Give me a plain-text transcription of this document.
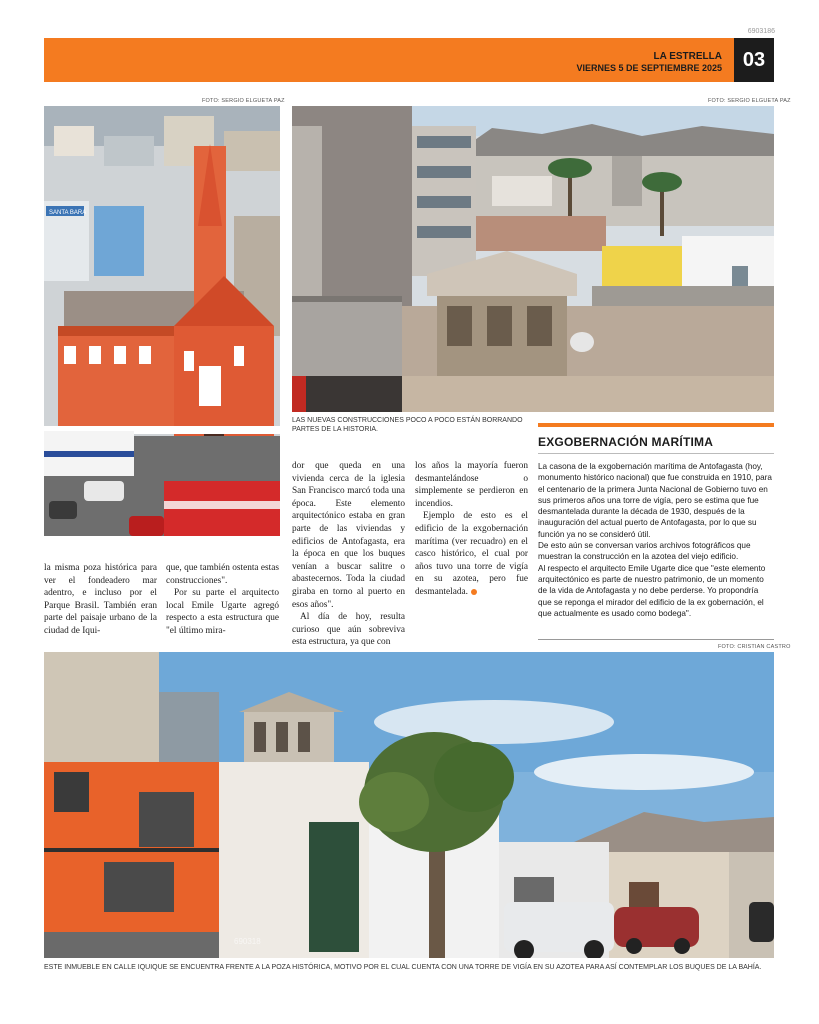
6903186
LA ESTRELLA
VIERNES 5 DE SEPTIEMBRE 2025	03
FOTO: SERGIO ELGUETA PAZ	FOTO: SERGIO ELGUETA PAZ
FOTO: CRISTIAN CASTRO
SANTA BARA
LAS NUEVAS CONSTRUCCIONES POCO A POCO ESTÁN BORRANDO PARTES DE LA HISTORIA.

la misma poza histórica para ver el fondeadero mar adentro, e incluso por el Parque Brasil. También eran parte del paisaje urbano de la ciudad de Iqui-

que, que también ostenta estas construcciones".

Por su parte el arquitecto local Emile Ugarte agregó respecto a esta estructura que "el último mira-

dor que queda en una vivienda cerca de la iglesia San Francisco marcó toda una época. Este elemento arquitectónico estaba en gran parte de las viviendas y edificios de Antofagasta, era la época en que los buques venían a buscar salitre o abastecernos. Toda la ciudad giraba en torno al puerto en esos años".

Al día de hoy, resulta curioso que aún sobreviva esta estructura, ya que con

los años la mayoría fueron desmantelándose o simplemente se perdieron en incendios.

Ejemplo de esto es el edificio de la exgobernación marítima (ver recuadro) en el casco histórico, el cual por años tuvo una torre de vigía en su azotea, pero fue desmantelada.

EXGOBERNACIÓN MARÍTIMA

La casona de la exgobernación marítima de Antofagasta (hoy, monumento histórico nacional) que fue construida en 1910, para el centenario de la primera Junta Nacional de Gobierno tuvo en sus primeros años una torre de vigía, pero se estima que fue desmantelada durante la década de 1930, después de la inauguración del actual puerto de Antofagasta, por lo que su función ya no se consideró útil.

De esto aún se conversan varios archivos fotográficos que muestran la construcción en la azotea del viejo edificio.

Al respecto el arquitecto Emile Ugarte dice que "este elemento arquitectónico es parte de nuestro patrimonio, de un momento de la vida de Antofagasta y no debe perderse. Yo propondría que se reponga el mirador del edificio de la ex gobernación, el que actualmente es usado como bodega".

690318
ESTE INMUEBLE EN CALLE IQUIQUE SE ENCUENTRA FRENTE A LA POZA HISTÓRICA, MOTIVO POR EL CUAL CUENTA CON UNA TORRE DE VIGÍA EN SU AZOTEA PARA ASÍ CONTEMPLAR LOS BUQUES DE LA BAHÍA.
